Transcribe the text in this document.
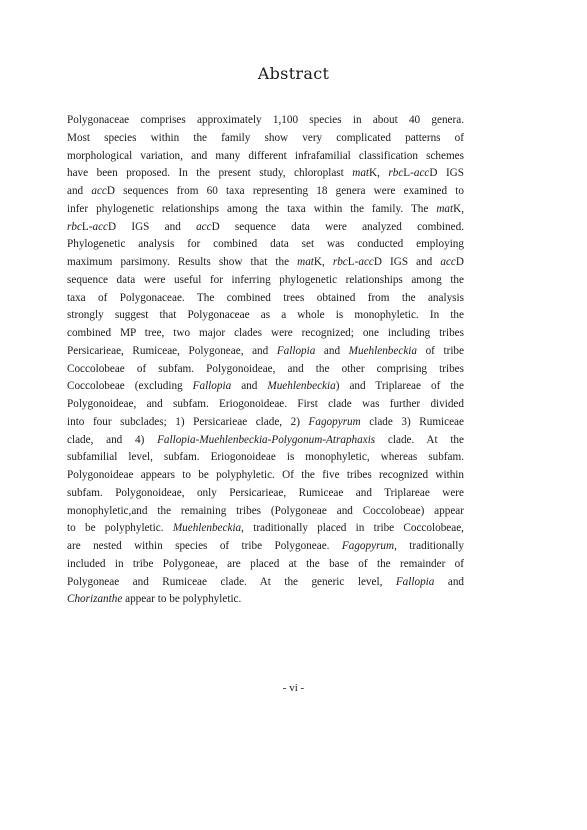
Abstract
Polygonaceae comprises approximately 1,100 species in about 40 genera.
Most species within the family show very complicated patterns of
morphological variation, and many different infrafamilial classification schemes
have been proposed. In the present study, chloroplast matK, rbcL-accD IGS
and accD sequences from 60 taxa representing 18 genera were examined to
infer phylogenetic relationships among the taxa within the family. The matK,
rbcL-accD IGS and accD sequence data were analyzed combined.
Phylogenetic analysis for combined data set was conducted employing
maximum parsimony. Results show that the matK, rbcL-accD IGS and accD
sequence data were useful for inferring phylogenetic relationships among the
taxa of Polygonaceae. The combined trees obtained from the analysis
strongly suggest that Polygonaceae as a whole is monophyletic. In the
combined MP tree, two major clades were recognized; one including tribes
Persicarieae, Rumiceae, Polygoneae, and Fallopia and Muehlenbeckia of tribe
Coccolobeae of subfam. Polygonoideae, and the other comprising tribes
Coccolobeae (excluding Fallopia and Muehlenbeckia) and Triplareae of the
Polygonoideae, and subfam. Eriogonoideae. First clade was further divided
into four subclades; 1) Persicarieae clade, 2) Fagopyrum clade 3) Rumiceae
clade, and 4) Fallopia-Muehlenbeckia-Polygonum-Atraphaxis clade. At the
subfamilial level, subfam. Eriogonoideae is monophyletic, whereas subfam.
Polygonoideae appears to be polyphyletic. Of the five tribes recognized within
subfam. Polygonoideae, only Persicarieae, Rumiceae and Triplareae were
monophyletic,and the remaining tribes (Polygoneae and Coccolobeae) appear
to be polyphyletic. Muehlenbeckia, traditionally placed in tribe Coccolobeae,
are nested within species of tribe Polygoneae. Fagopyrum, traditionally
included in tribe Polygoneae, are placed at the base of the remainder of
Polygoneae and Rumiceae clade. At the generic level, Fallopia and
Chorizanthe appear to be polyphyletic.
- vi -
